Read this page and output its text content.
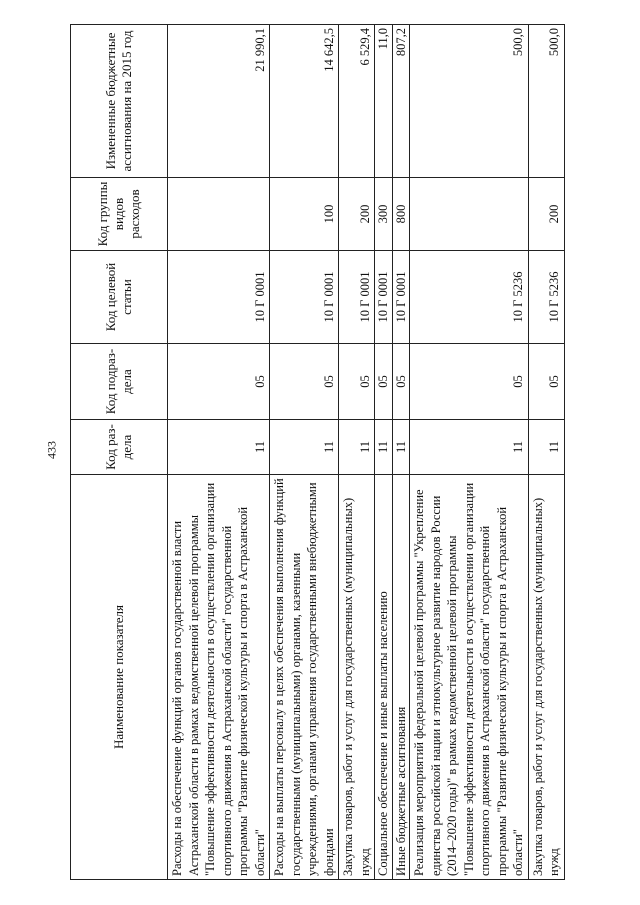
433
Наименование показателя	Код раз-дела	Код подраз-дела	Код целевой статьи	Код группы видов расходов	Измененные бюджетные ассигнования на 2015 год
Расходы на обеспечение функций органов государственной власти Астраханской области в рамках ведомственной целевой программы "Повышение эффективности деятельности в осуществлении организации спортивного движения в Астраханской области" государственной программы "Развитие физической культуры и спорта в Астраханской области"	11	05	10 Г 0001		21 990,1
Расходы на выплаты персоналу в целях обеспечения выполнения функций государственными (муниципальными) органами, казенными учреждениями, органами управления государственными внебюджетными фондами	11	05	10 Г 0001	100	14 642,5
Закупка товаров, работ и услуг для государственных (муниципальных) нужд	11	05	10 Г 0001	200	6 529,4
Социальное обеспечение и иные выплаты населению	11	05	10 Г 0001	300	11,0
Иные бюджетные ассигнования	11	05	10 Г 0001	800	807,2
Реализация мероприятий федеральной целевой программы "Укрепление единства российской нации и этнокультурное развитие народов России (2014–2020 годы)" в рамках ведомственной целевой программы "Повышение эффективности деятельности в осуществлении организации спортивного движения в Астраханской области" государственной программы "Развитие физической культуры и спорта в Астраханской области"	11	05	10 Г 5236		500,0
Закупка товаров, работ и услуг для государственных (муниципальных) нужд	11	05	10 Г 5236	200	500,0
